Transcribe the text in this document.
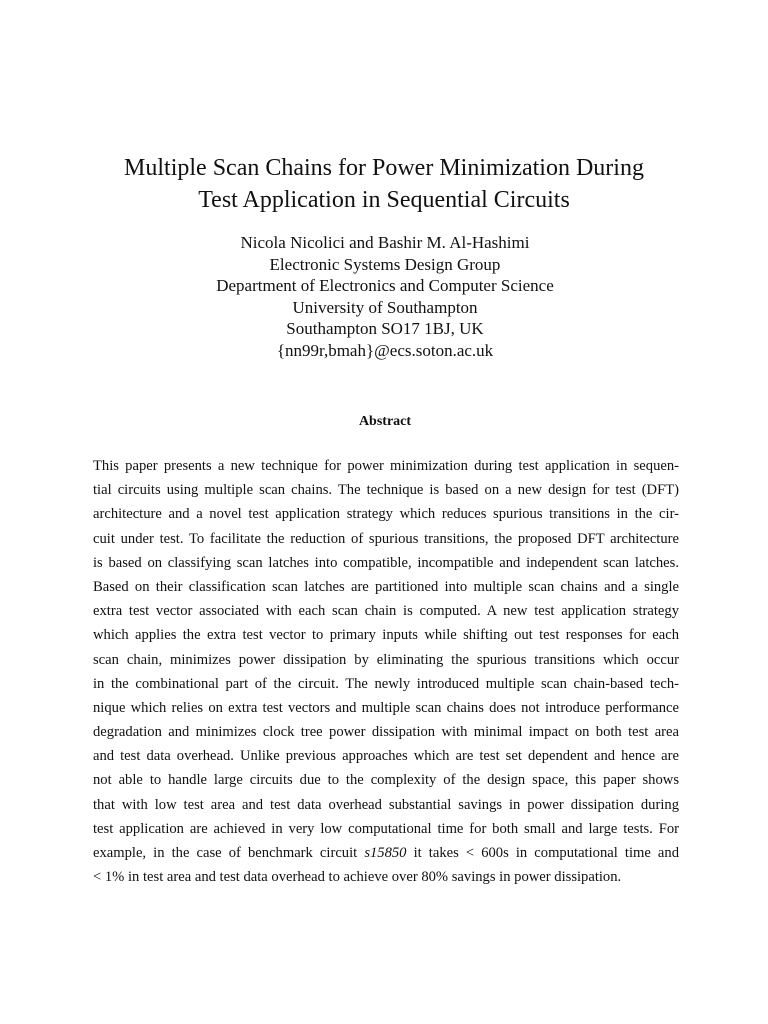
Multiple Scan Chains for Power Minimization During
Test Application in Sequential Circuits
Nicola Nicolici and Bashir M. Al-Hashimi
Electronic Systems Design Group
Department of Electronics and Computer Science
University of Southampton
Southampton SO17 1BJ, UK
{nn99r,bmah}@ecs.soton.ac.uk
Abstract
This paper presents a new technique for power minimization during test application in sequen-
tial circuits using multiple scan chains. The technique is based on a new design for test (DFT)
architecture and a novel test application strategy which reduces spurious transitions in the cir-
cuit under test. To facilitate the reduction of spurious transitions, the proposed DFT architecture
is based on classifying scan latches into compatible, incompatible and independent scan latches.
Based on their classification scan latches are partitioned into multiple scan chains and a single
extra test vector associated with each scan chain is computed. A new test application strategy
which applies the extra test vector to primary inputs while shifting out test responses for each
scan chain, minimizes power dissipation by eliminating the spurious transitions which occur
in the combinational part of the circuit. The newly introduced multiple scan chain-based tech-
nique which relies on extra test vectors and multiple scan chains does not introduce performance
degradation and minimizes clock tree power dissipation with minimal impact on both test area
and test data overhead. Unlike previous approaches which are test set dependent and hence are
not able to handle large circuits due to the complexity of the design space, this paper shows
that with low test area and test data overhead substantial savings in power dissipation during
test application are achieved in very low computational time for both small and large tests. For
example, in the case of benchmark circuit s15850 it takes < 600s in computational time and
< 1% in test area and test data overhead to achieve over 80% savings in power dissipation.
